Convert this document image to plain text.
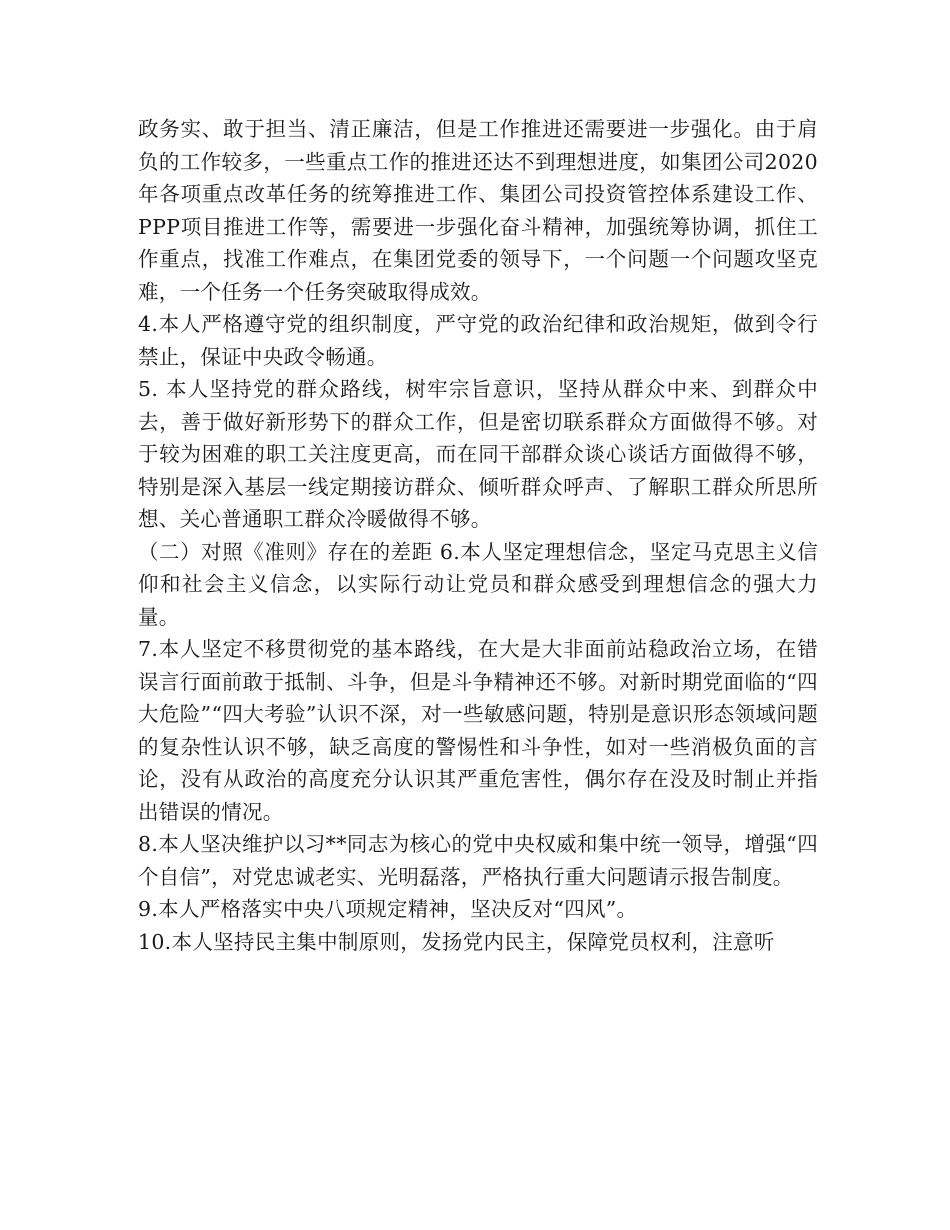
政务实、敢于担当、清正廉洁，但是工作推进还需要进一步强化。由于肩负的工作较多，一些重点工作的推进还达不到理想进度，如集团公司2020年各项重点改革任务的统筹推进工作、集团公司投资管控体系建设工作、PPP项目推进工作等，需要进一步强化奋斗精神，加强统筹协调，抓住工作重点，找准工作难点，在集团党委的领导下，一个问题一个问题攻坚克难，一个任务一个任务突破取得成效。

4.本人严格遵守党的组织制度，严守党的政治纪律和政治规矩，做到令行禁止，保证中央政令畅通。

5. 本人坚持党的群众路线，树牢宗旨意识，坚持从群众中来、到群众中去，善于做好新形势下的群众工作，但是密切联系群众方面做得不够。对于较为困难的职工关注度更高，而在同干部群众谈心谈话方面做得不够，特别是深入基层一线定期接访群众、倾听群众呼声、了解职工群众所思所想、关心普通职工群众冷暖做得不够。

（二）对照《准则》存在的差距 6.本人坚定理想信念，坚定马克思主义信仰和社会主义信念，以实际行动让党员和群众感受到理想信念的强大力量。

7.本人坚定不移贯彻党的基本路线，在大是大非面前站稳政治立场，在错误言行面前敢于抵制、斗争，但是斗争精神还不够。对新时期党面临的“四大危险”“四大考验”认识不深，对一些敏感问题，特别是意识形态领域问题的复杂性认识不够，缺乏高度的警惕性和斗争性，如对一些消极负面的言论，没有从政治的高度充分认识其严重危害性，偶尔存在没及时制止并指出错误的情况。

8.本人坚决维护以习**同志为核心的党中央权威和集中统一领导，增强“四个自信”，对党忠诚老实、光明磊落，严格执行重大问题请示报告制度。

9.本人严格落实中央八项规定精神，坚决反对“四风”。

10.本人坚持民主集中制原则，发扬党内民主，保障党员权利，注意听
